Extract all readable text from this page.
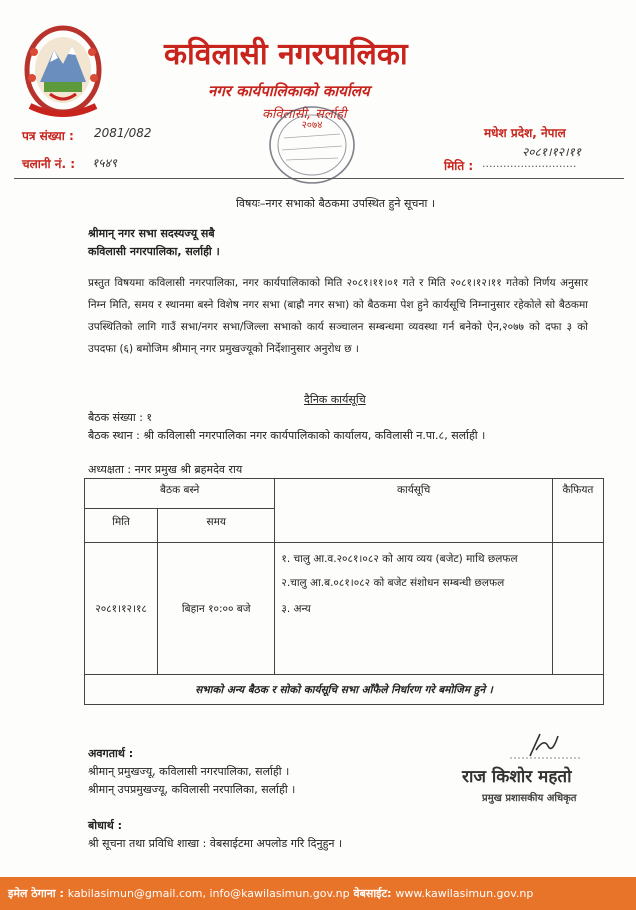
कविलासी नगरपालिका
नगर कार्यपालिकाको कार्यालय
कविलासी, सर्लाही
२०७४
पत्र संख्या : 2081/082
चलानी नं. : १५४९
मधेश प्रदेश, नेपाल
२०८१।१२।११
मिति : ...........................
विषयः–नगर सभाको बैठकमा उपस्थित हुने सूचना ।
श्रीमान् नगर सभा सदस्यज्यू सबै
कविलासी नगरपालिका, सर्लाही ।
प्रस्तुत विषयमा कविलासी नगरपालिका, नगर कार्यपालिकाको मिति २०८१।११।०१ गते र मिति २०८१।१२।११ गतेको निर्णय अनुसार निम्न मिति, समय र स्थानमा बस्ने विशेष नगर सभा (बाह्रौ नगर सभा) को बैठकमा पेश हुने कार्यसूचि निम्नानुसार रहेकोले सो बैठकमा उपस्थितिको लागि गाउँ सभा/नगर सभा/जिल्ला सभाको कार्य सञ्चालन सम्बन्धमा व्यवस्था गर्न बनेको ऐन,२०७७ को दफा ३ को उपदफा (६) बमोजिम श्रीमान् नगर प्रमुखज्यूको निर्देशानुसार अनुरोध छ ।
दैनिक कार्यसूचि
बैठक संख्या : १
बैठक स्थान : श्री कविलासी नगरपालिका नगर कार्यपालिकाको कार्यालय, कविलासी न.पा.८, सर्लाही ।
अध्यक्षता : नगर प्रमुख श्री ब्रहमदेव राय
बैठक बस्ने		कार्यसूचि	कैफियत
मिति	समय		
२०८१।१२।१८	बिहान १०:०० बजे	१. चालु आ.व.२०८१।०८२ को आय व्यय (बजेट) माथि छलफल
२.चालु आ.ब.०८१।०८२ को बजेट संशोधन सम्बन्धी छलफल
३. अन्य	

सभाको अन्य बैठक र सोको कार्यसूचि सभा आँफैले निर्धारण गरे बमोजिम हुने ।			
राज किशोर महतो
प्रमुख प्रशासकीय अधिकृत
अवगतार्थ :
श्रीमान् प्रमुखज्यू, कविलासी नगरपालिका, सर्लाही ।
श्रीमान् उपप्रमुखज्यू, कविलासी नरपालिका, सर्लाही ।
बोधार्थ :
श्री सूचना तथा प्रविधि शाखा : वेबसाईटमा अपलोड गरि दिनुहुन ।
इमेल ठेगाना : kabilasimun@gmail.com, info@kawilasimun.gov.np वेबसाईट: www.kawilasimun.gov.np
